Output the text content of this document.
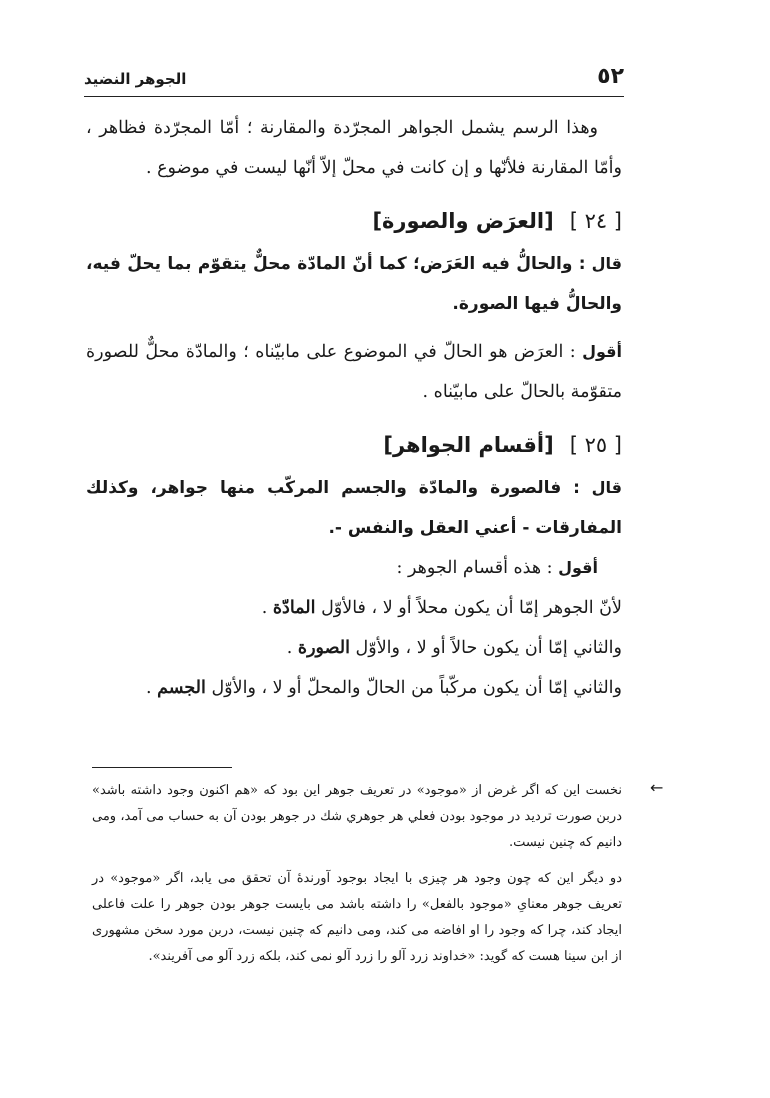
الجوهر النضيد	٥٢

وهذا الرسم يشمل الجواهر المجرّدة والمقارنة ؛ أمّا المجرّدة فظاهر ، وأمّا المقارنة فلأنّها و إن كانت في محلّ إلاّ أنّها ليست في موضوع .

[ ٢٤ ][العرَض والصورة]

قال : والحالُّ فيه العَرَض؛ كما أنّ المادّة محلٌّ يتقوّم بما يحلّ فيه، والحالُّ فيها الصورة.

أقول : العرَض هو الحالّ في الموضوع على مابيّناه ؛ والمادّة محلٌّ للصورة متقوّمة بالحالّ على مابيّناه .

[ ٢٥ ][أقسام الجواهر]

قال : فالصورة والمادّة والجسم المركّب منها جواهر، وكذلك المفارقات - أعني العقل والنفس -.

أقول : هذه أقسام الجوهر :

لأنّ الجوهر إمّا أن يكون محلاً أو لا ، فالأوّل المادّة .

والثاني إمّا أن يكون حالاً أو لا ، والأوّل الصورة .

والثاني إمّا أن يكون مركّباً من الحالّ والمحلّ أو لا ، والأوّل الجسم .

←

نخست اين كه اگر غرض از «موجود» در تعريف جوهر اين بود كه «هم اكنون وجود داشته باشد» دربن صورت ترديد در موجود بودن فعلي هر جوهري شك در جوهر بودن آن به حساب مى آمد، ومى دانيم كه چنين نيست.

دو ديگر اين كه چون وجود هر چيزى با ايجاد بوجود آورندهٔ آن تحقق مى يابد، اگر «موجود» در تعريف جوهر معناىِ «موجود بالفعل» را داشته باشد مى بايست جوهر بودن جوهر را علت فاعلى ايجاد كند، چرا كه وجود را او افاضه مى كند، ومى دانيم كه چنين نيست، دربن مورد سخن مشهورى از ابن سينا هست كه گويد: «خداوند زرد آلو را زرد آلو نمى كند، بلكه زرد آلو مى آفريند».
